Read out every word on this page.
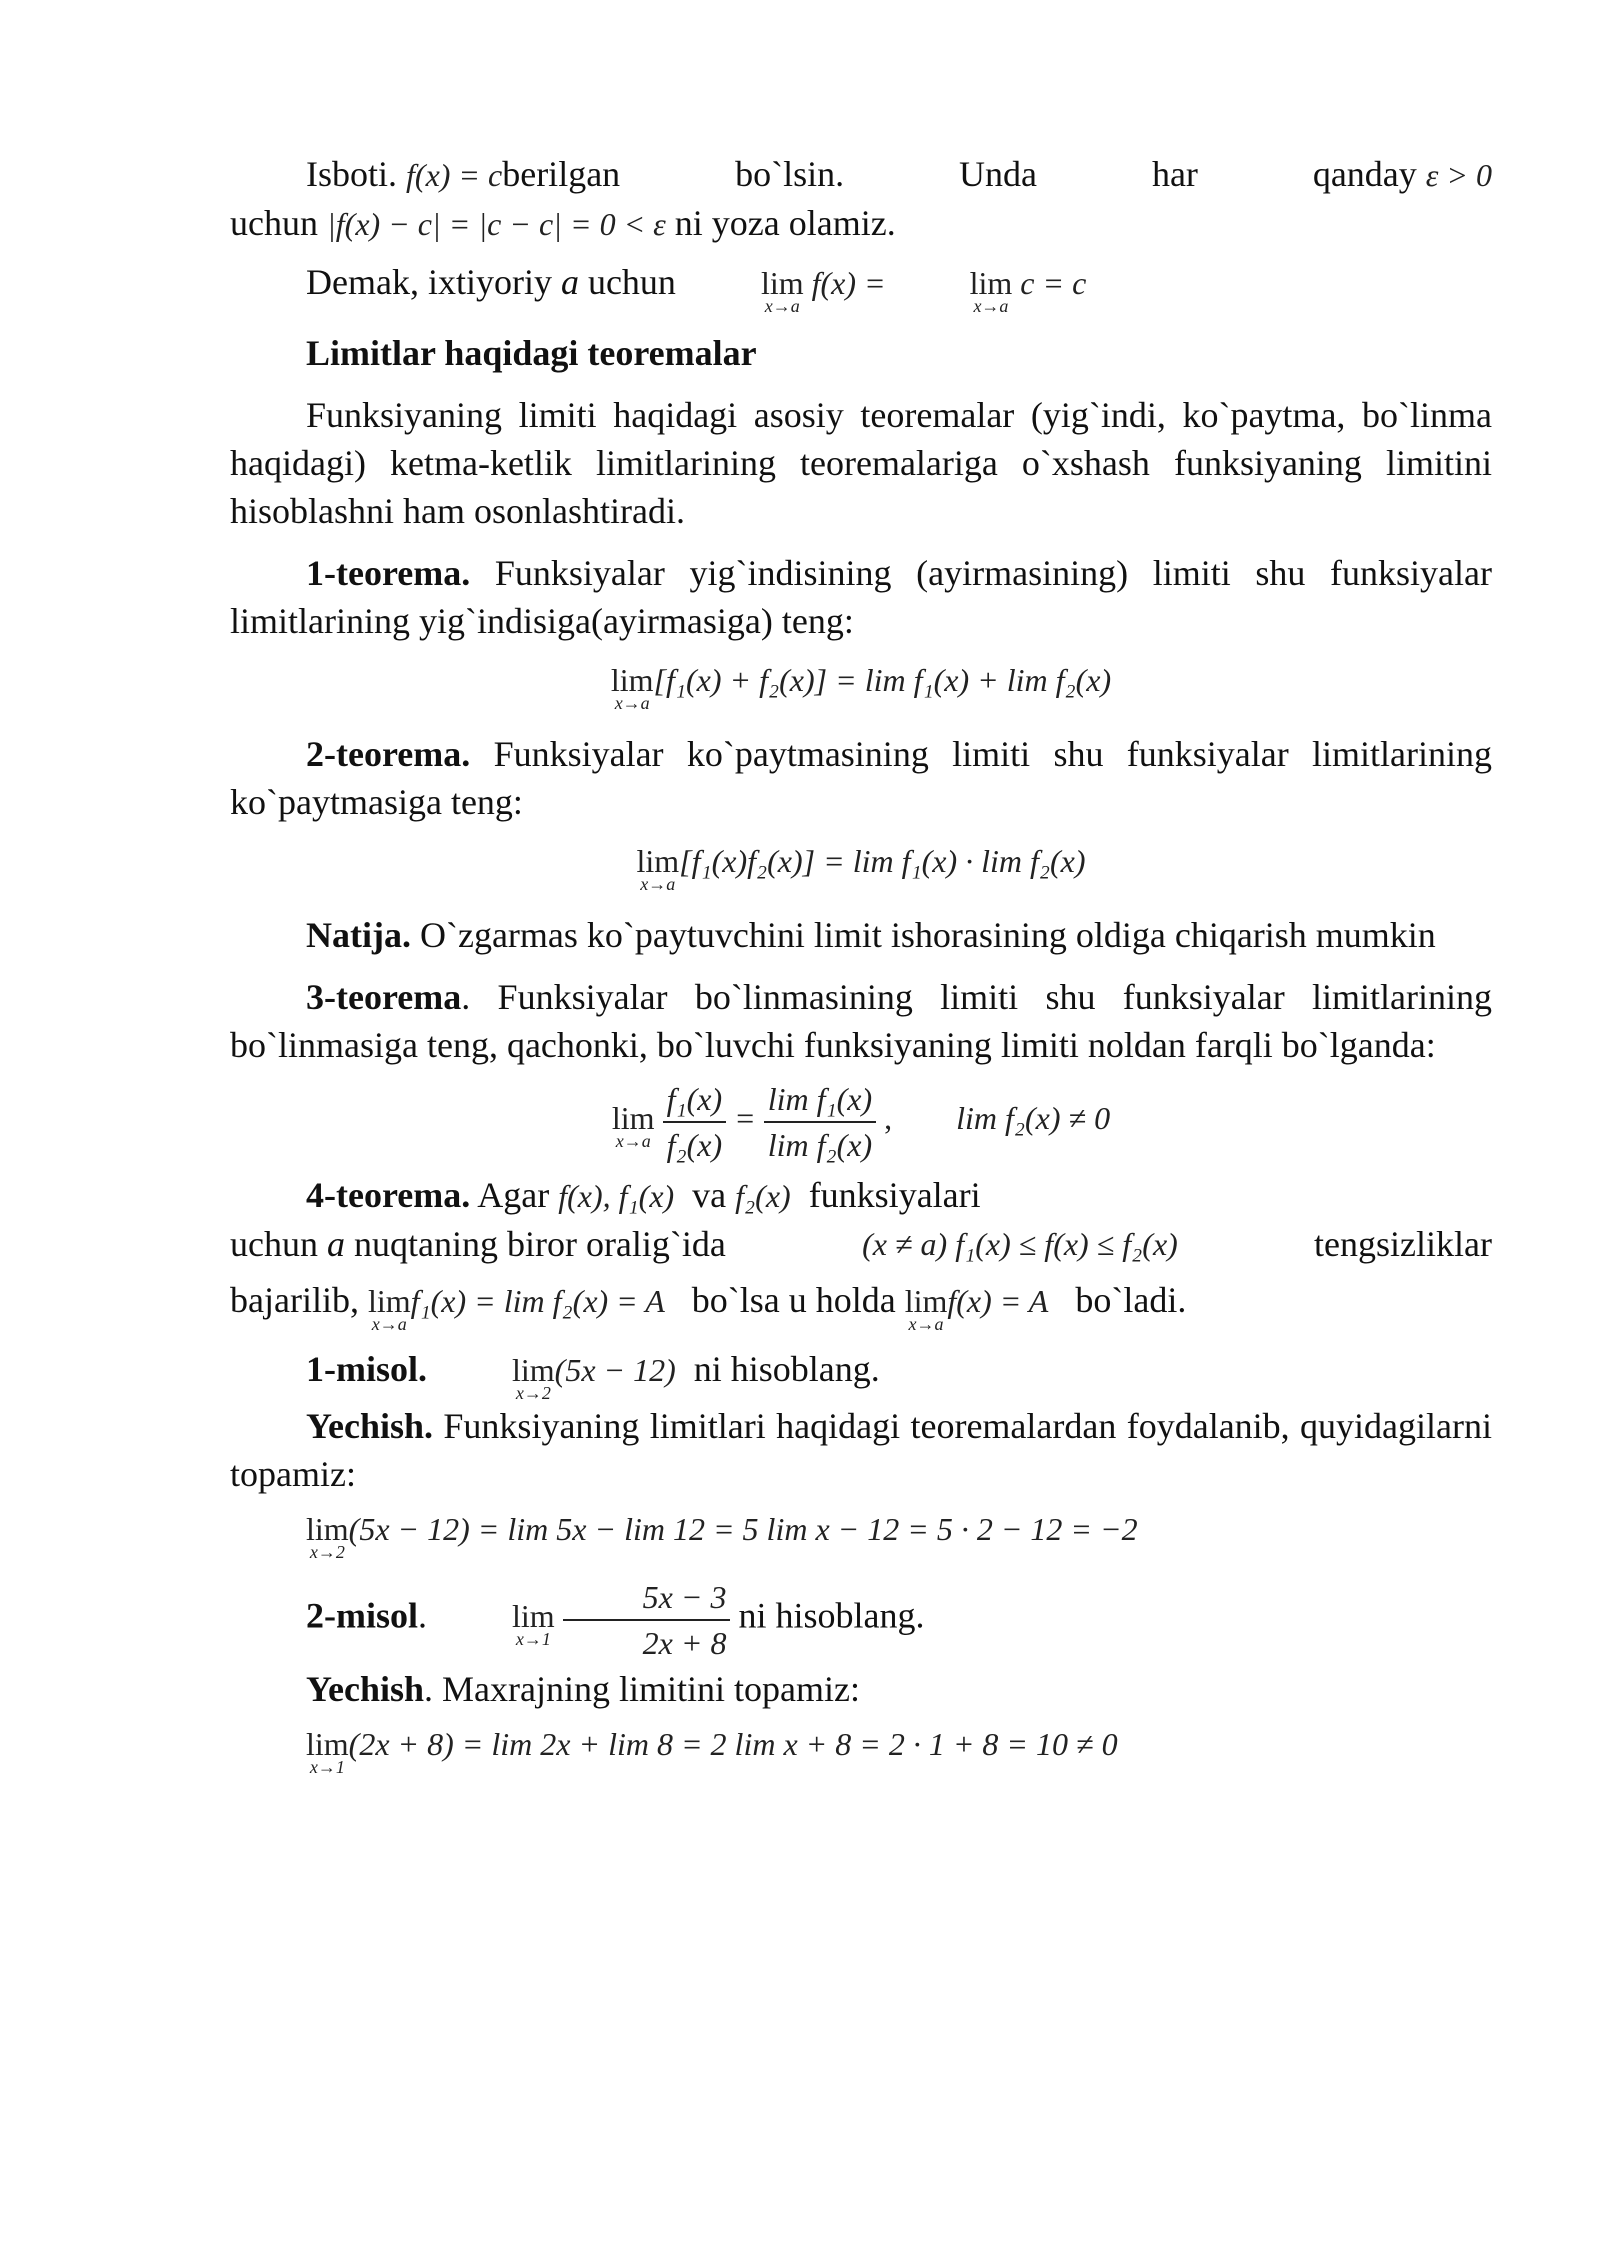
Isboti. f(x) = cberilgan	bo`lsin.	Unda	har	qanday ε > 0
uchun |f(x) − c| = |c − c| = 0 < ε ni yoza olamiz.
Demak, ixtiyoriy a uchun	lim
x→a
f(x) =	lim
x→a
c = c
Limitlar haqidagi teoremalar
Funksiyaning limiti haqidagi asosiy teoremalar (yig`indi, ko`paytma, bo`linma haqidagi) ketma-ketlik limitlarining teoremalariga o`xshash funksiyaning limitini hisoblashni ham osonlashtiradi.
1-teorema. Funksiyalar yig`indisining (ayirmasining) limiti shu funksiyalar limitlarining yig`indisiga(ayirmasiga) teng:
lim
x→a
[f₁(x) + f₂(x)] = lim f₁(x) + lim f₂(x)
2-teorema. Funksiyalar ko`paytmasining limiti shu funksiyalar limitlarining ko`paytmasiga teng:
lim
x→a
[f₁(x)f₂(x)] = lim f₁(x) · lim f₂(x)
Natija. O`zgarmas ko`paytuvchini limit ishorasining oldiga chiqarish mumkin
3-teorema. Funksiyalar bo`linmasining limiti shu funksiyalar limitlarining bo`linmasiga teng, qachonki, bo`luvchi funksiyaning limiti noldan farqli bo`lganda:
lim
x→a
$\frac{\text{f₁(x)}}{\text{f₂(x)}} = \frac{\text{lim f₁(x)}}{\text{lim f₂(x)}}$ , lim f₂(x) ≠ 0
4-teorema. Agar f(x), f₁(x) va f₂(x) funksiyalari
uchun a nuqtaning biror oralig`ida	(x ≠ a) f₁(x) ≤ f(x) ≤ f₂(x)	tengsizliklar
bajarilib, lim
x→a
f₁(x) = lim f₂(x) = A bo`lsa u holda lim
x→a
f(x) = A bo`ladi.
1-misol.	lim
x→2
(5x − 12) ni hisoblang.
Yechish. Funksiyaning limitlari haqidagi teoremalardan foydalanib, quyidagilarni topamiz:
lim
x→2
(5x − 12) = lim 5x − lim 12 = 5 lim x − 12 = 5 · 2 − 12 = −2
2-misol.	lim
x→1
$\frac{5x - 3}{2x + 8}$ ni hisoblang.
Yechish. Maxrajning limitini topamiz:
lim
x→1
(2x + 8) = lim 2x + lim 8 = 2 lim x + 8 = 2 · 1 + 8 = 10 ≠ 0
